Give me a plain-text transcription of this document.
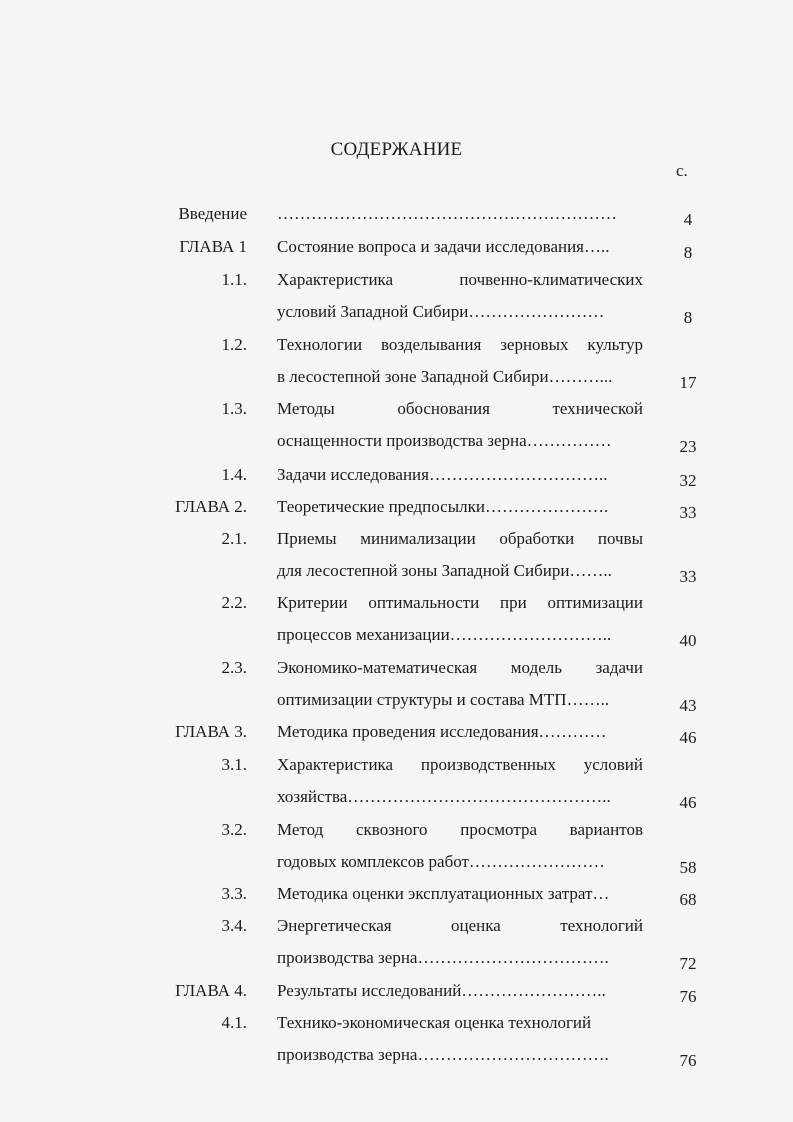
СОДЕРЖАНИЕ
с.
Введение ……………………………………………………	4
ГЛАВА 1 Состояние вопроса и задачи исследования…..	8
1.1. Характеристика почвенно-климатических
условий Западной Сибири……………………	8
1.2. Технологии возделывания зерновых культур
в лесостепной зоне Западной Сибири………...	17
1.3. Методы обоснования технической
оснащенности производства зерна……………	23
1.4. Задачи исследования…………………………..	32
ГЛАВА 2. Теоретические предпосылки………………….	33
2.1. Приемы минимализации обработки почвы
для лесостепной зоны Западной Сибири……..	33
2.2. Критерии оптимальности при оптимизации
процессов механизации………………………..	40
2.3. Экономико-математическая модель задачи
оптимизации структуры и состава МТП……..	43
ГЛАВА 3. Методика проведения исследования…………	46
3.1. Характеристика производственных условий
хозяйства………………………………………..	46
3.2. Метод сквозного просмотра вариантов
годовых комплексов работ……………………	58
3.3. Методика оценки эксплуатационных затрат…	68
3.4. Энергетическая оценка технологий
производства зерна…………………………….	72
ГЛАВА 4. Результаты исследований……………………..	76
4.1. Технико-экономическая оценка технологий
производства зерна…………………………….	76
